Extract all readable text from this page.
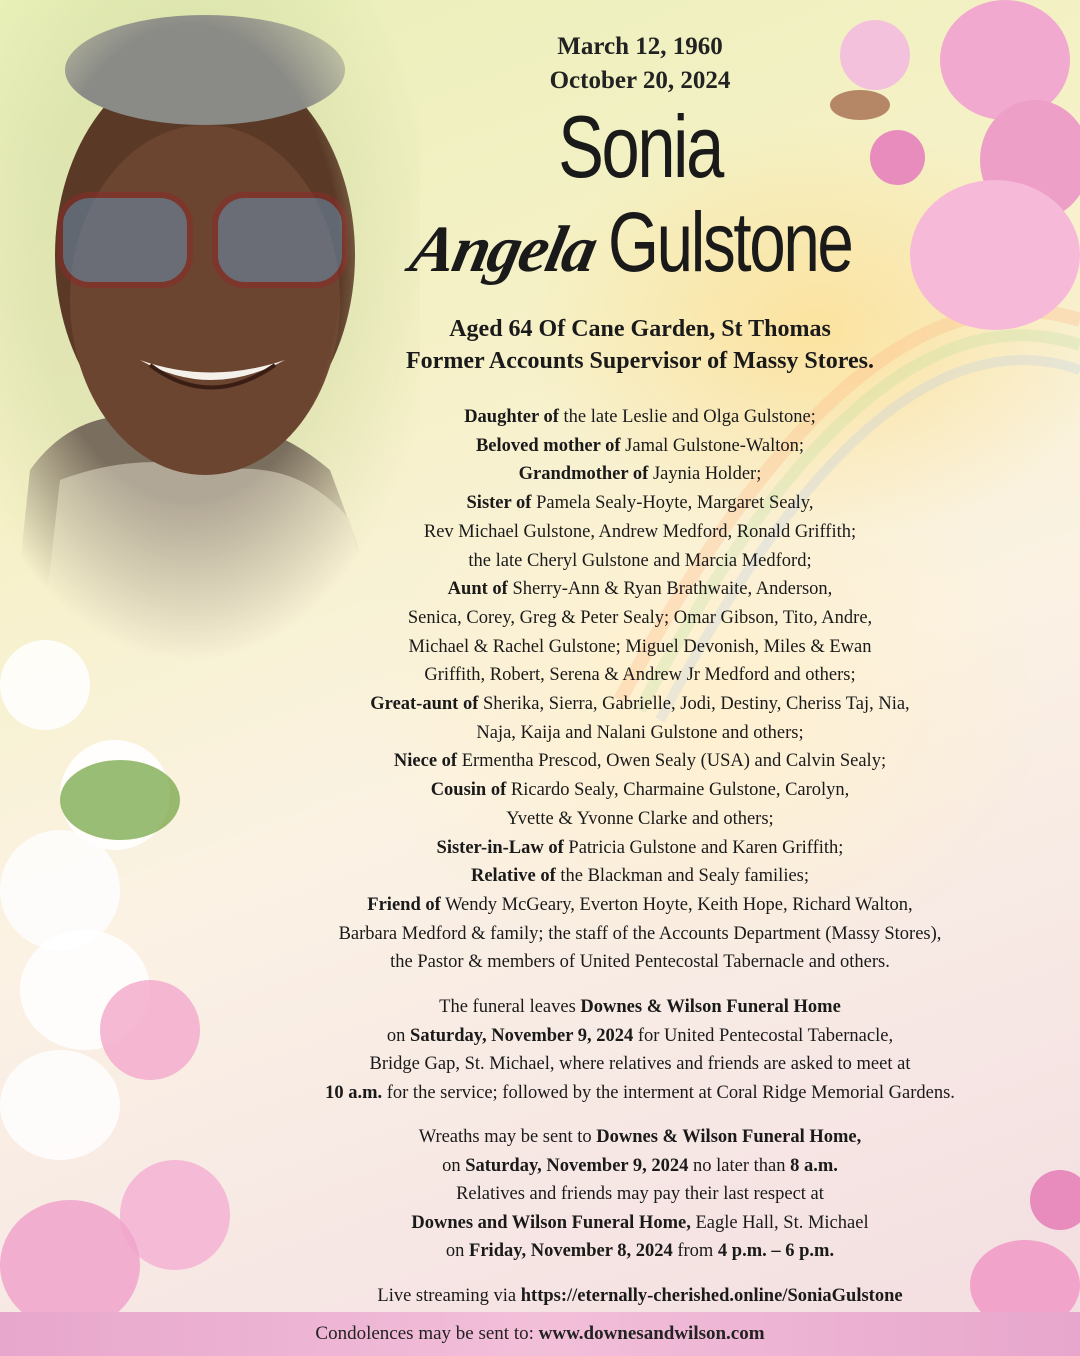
March 12, 1960
October 20, 2024
Sonia
Angela Gulstone
Aged 64 Of Cane Garden, St Thomas
Former Accounts Supervisor of Massy Stores.
Daughter of the late Leslie and Olga Gulstone;
Beloved mother of Jamal Gulstone-Walton;
Grandmother of Jaynia Holder;
Sister of Pamela Sealy-Hoyte, Margaret Sealy,
Rev Michael Gulstone, Andrew Medford, Ronald Griffith;
the late Cheryl Gulstone and Marcia Medford;
Aunt of Sherry-Ann & Ryan Brathwaite, Anderson,
Senica, Corey, Greg & Peter Sealy; Omar Gibson, Tito, Andre,
Michael & Rachel Gulstone; Miguel Devonish, Miles & Ewan
Griffith, Robert, Serena & Andrew Jr Medford and others;
Great-aunt of Sherika, Sierra, Gabrielle, Jodi, Destiny, Cheriss Taj, Nia,
Naja, Kaija and Nalani Gulstone and others;
Niece of Ermentha Prescod, Owen Sealy (USA) and Calvin Sealy;
Cousin of Ricardo Sealy, Charmaine Gulstone, Carolyn,
Yvette & Yvonne Clarke and others;
Sister-in-Law of Patricia Gulstone and Karen Griffith;
Relative of the Blackman and Sealy families;
Friend of Wendy McGeary, Everton Hoyte, Keith Hope, Richard Walton,
Barbara Medford & family; the staff of the Accounts Department (Massy Stores),
the Pastor & members of United Pentecostal Tabernacle and others.
The funeral leaves Downes & Wilson Funeral Home
on Saturday, November 9, 2024 for United Pentecostal Tabernacle,
Bridge Gap, St. Michael, where relatives and friends are asked to meet at
10 a.m. for the service; followed by the interment at Coral Ridge Memorial Gardens.
Wreaths may be sent to Downes & Wilson Funeral Home,
on Saturday, November 9, 2024 no later than 8 a.m.
Relatives and friends may pay their last respect at
Downes and Wilson Funeral Home, Eagle Hall, St. Michael
on Friday, November 8, 2024 from 4 p.m. – 6 p.m.
Live streaming via https://eternally-cherished.online/SoniaGulstone
Condolences may be sent to: www.downesandwilson.com
